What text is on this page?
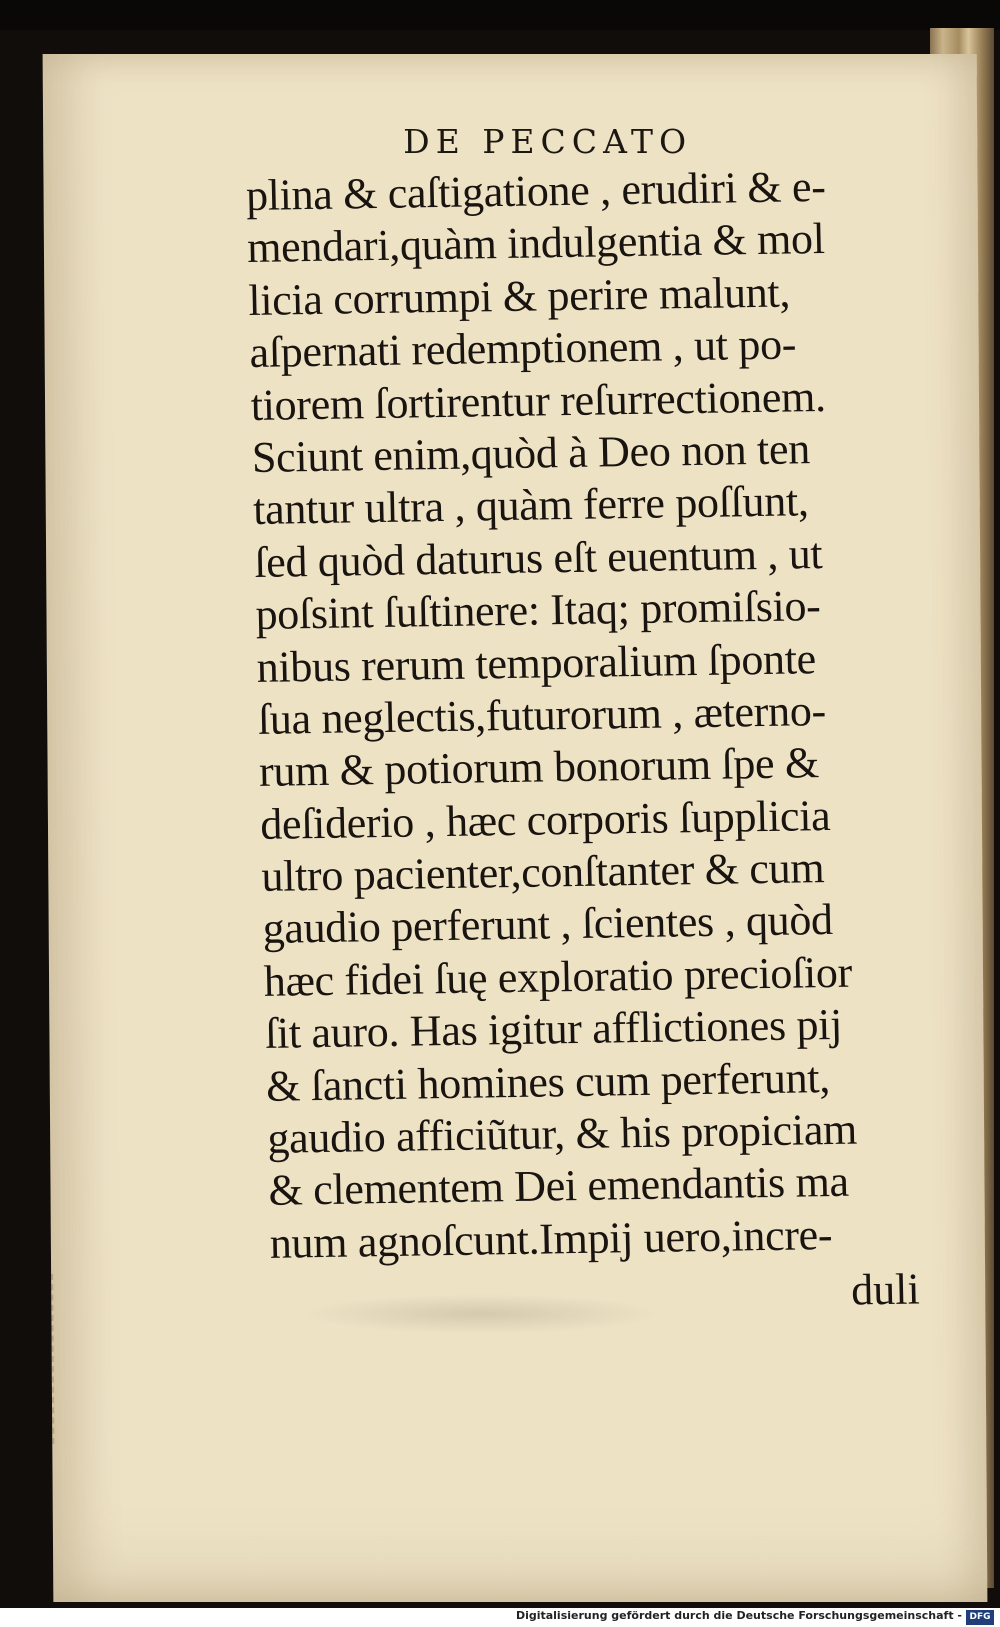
DE PECCATO
plina & caſtigatione , erudiri & e-
mendari,quàm indulgentia & mol
licia corrumpi & perire malunt,
aſpernati redemptionem , ut po-
tiorem ſortirentur reſurrectionem.
Sciunt enim,quòd à Deo non ten
tantur ultra , quàm ferre poſſunt,
ſed quòd daturus eſt euentum , ut
poſsint ſuſtinere: Itaq; promiſsio-
nibus rerum temporalium ſponte
ſua neglectis,futurorum , æterno-
rum & potiorum bonorum ſpe &
deſiderio , hæc corporis ſupplicia
ultro pacienter,conſtanter & cum
gaudio perferunt , ſcientes , quòd
hæc fidei ſuę exploratio precioſior
ſit auro. Has igitur afflictiones pij
& ſancti homines cum perferunt,
gaudio afficiũtur, & his propiciam
& clementem Dei emendantis ma
num agnoſcunt.Impij uero,incre-
duli
Digitalisierung gefördert durch die Deutsche Forschungsgemeinschaft - DFG
